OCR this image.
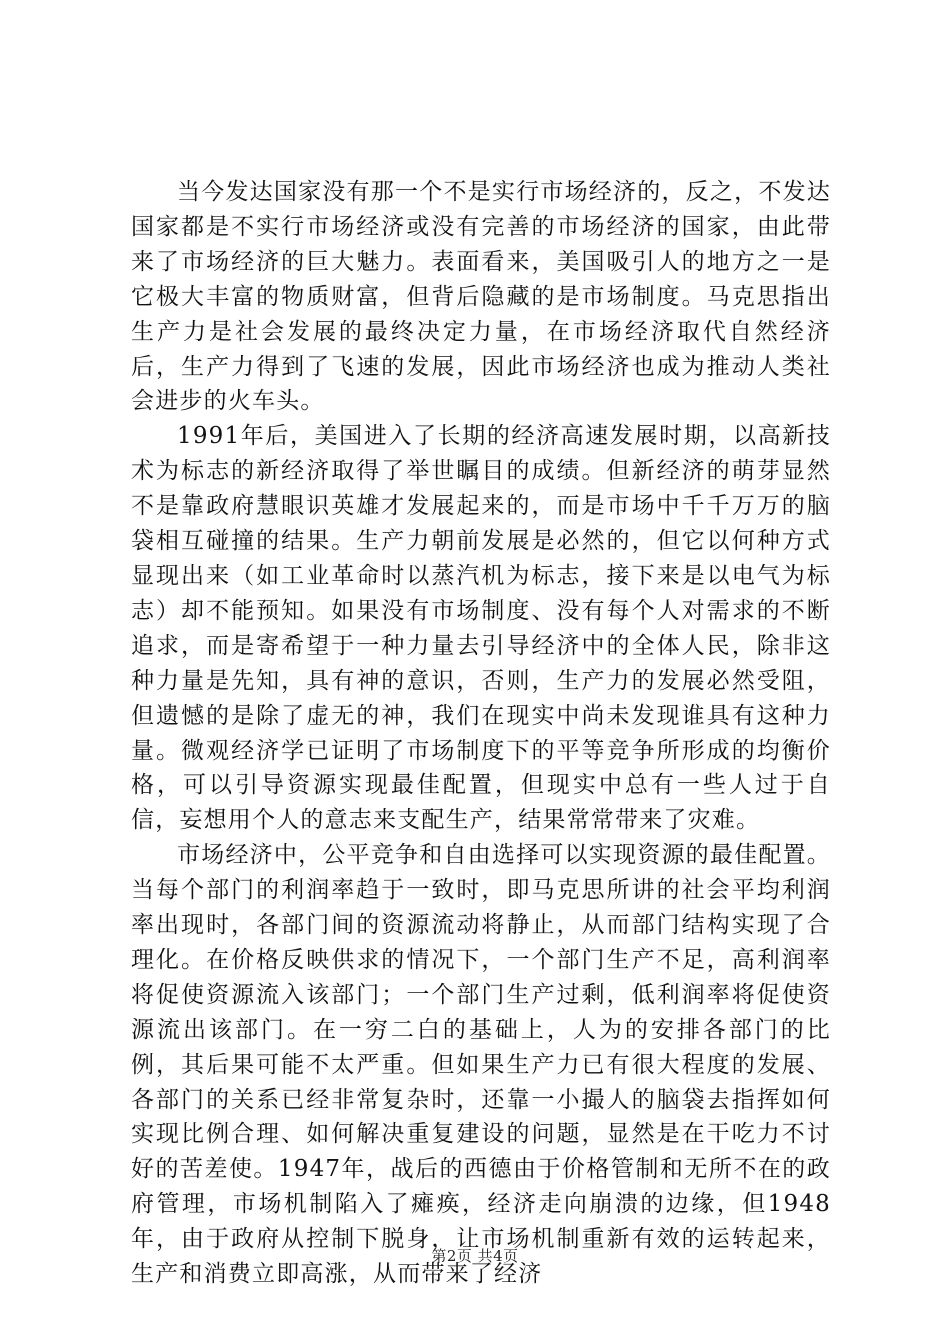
当今发达国家没有那一个不是实行市场经济的，反之，不发达国家都是不实行市场经济或没有完善的市场经济的国家，由此带来了市场经济的巨大魅力。表面看来，美国吸引人的地方之一是它极大丰富的物质财富，但背后隐藏的是市场制度。马克思指出生产力是社会发展的最终决定力量，在市场经济取代自然经济后，生产力得到了飞速的发展，因此市场经济也成为推动人类社会进步的火车头。

1991年后，美国进入了长期的经济高速发展时期，以高新技术为标志的新经济取得了举世瞩目的成绩。但新经济的萌芽显然不是靠政府慧眼识英雄才发展起来的，而是市场中千千万万的脑袋相互碰撞的结果。生产力朝前发展是必然的，但它以何种方式显现出来（如工业革命时以蒸汽机为标志，接下来是以电气为标志）却不能预知。如果没有市场制度、没有每个人对需求的不断追求，而是寄希望于一种力量去引导经济中的全体人民，除非这种力量是先知，具有神的意识，否则，生产力的发展必然受阻，但遗憾的是除了虚无的神，我们在现实中尚未发现谁具有这种力量。微观经济学已证明了市场制度下的平等竞争所形成的均衡价格，可以引导资源实现最佳配置，但现实中总有一些人过于自信，妄想用个人的意志来支配生产，结果常常带来了灾难。

市场经济中，公平竞争和自由选择可以实现资源的最佳配置。当每个部门的利润率趋于一致时，即马克思所讲的社会平均利润率出现时，各部门间的资源流动将静止，从而部门结构实现了合理化。在价格反映供求的情况下，一个部门生产不足，高利润率将促使资源流入该部门；一个部门生产过剩，低利润率将促使资源流出该部门。在一穷二白的基础上，人为的安排各部门的比例，其后果可能不太严重。但如果生产力已有很大程度的发展、各部门的关系已经非常复杂时，还靠一小撮人的脑袋去指挥如何实现比例合理、如何解决重复建设的问题，显然是在干吃力不讨好的苦差使。1947年，战后的西德由于价格管制和无所不在的政府管理，市场机制陷入了瘫痪，经济走向崩溃的边缘，但1948年，由于政府从控制下脱身，让市场机制重新有效的运转起来，生产和消费立即高涨，从而带来了经济

第2页 共4页
